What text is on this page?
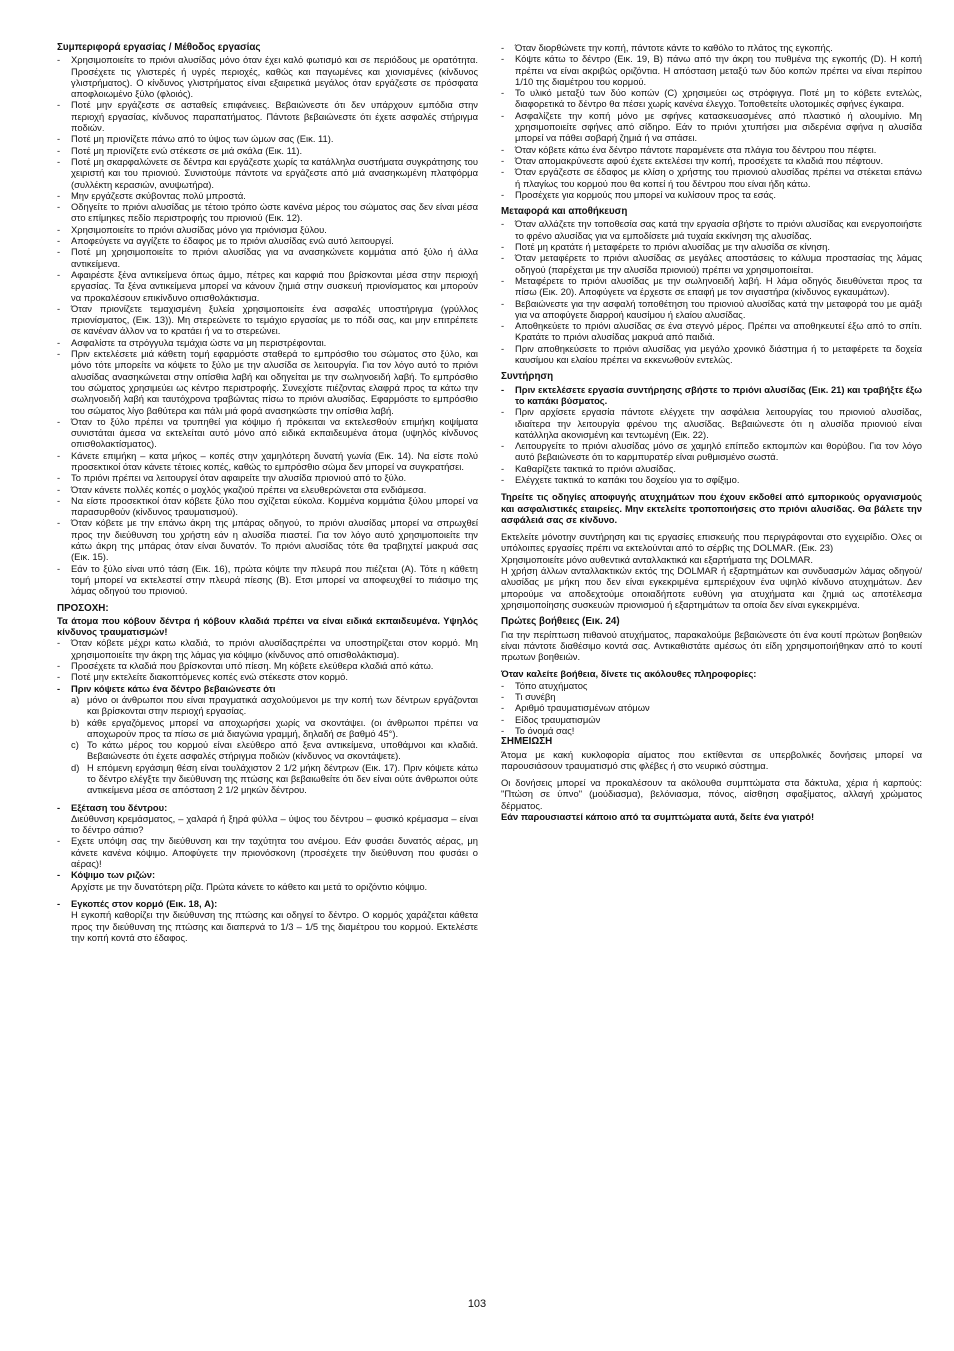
Συμπεριφορά εργασίας / Μέθοδος εργασίας
- Χρησιμοποιείτε το πριόνι αλυσίδας μόνο όταν έχει καλό φωτισμό και σε περιόδους με ορατότητα. Προσέχετε τις γλιστερές ή υγρές περιοχές, καθώς και παγωμένες και χιονισμένες (κίνδυνος γλιστρήματος). Ο κίνδυνος γλιστρήματος είναι εξαιρετικά μεγάλος όταν εργάζεστε σε πρόσφατα αποφλοιωμένο ξύλο (φλοιός).
- Ποτέ μην εργάζεστε σε ασταθείς επιφάνειες. Βεβαιώνεστε ότι δεν υπάρχουν εμπόδια στην περιοχή εργασίας, κίνδυνος παραπατήματος. Πάντοτε βεβαιώνεστε ότι έχετε ασφαλές στήριγμα ποδιών.
- Ποτέ μη πριονίζετε πάνω από το ύψος των ώμων σας (Εικ. 11).
- Ποτέ μη πριονίζετε ενώ στέκεστε σε μιά σκάλα (Εικ. 11).
- Ποτέ μη σκαρφαλώνετε σε δέντρα και εργάζεστε χωρίς τα κατάλληλα συστήματα συγκράτησης του χειριστή και του πριονιού. Συνιστούμε πάντοτε να εργάζεστε από μιά ανασηκωμένη πλατφόρμα (συλλέκτη κερασιών, ανυψωτήρα).
- Μην εργάζεστε σκύβοντας πολύ μπροστά.
- Οδηγείτε το πριόνι αλυσίδας με τέτοιο τρόπο ώστε κανένα μέρος του σώματος σας δεν είναι μέσα στο επίμηκες πεδίο περιστροφής του πριονιού (Εικ. 12).
- Χρησιμοποιείτε το πριόνι αλυσίδας μόνο για πριόνισμα ξύλου.
- Αποφεύγετε να αγγίζετε το έδαφος με το πριόνι αλυσίδας ενώ αυτό λειτουργεί.
- Ποτέ μη χρησιμοποιείτε το πριόνι αλυσίδας για να ανασηκώνετε κομμάτια από ξύλο ή άλλα αντικείμενα.
- Αφαιρέστε ξένα αντικείμενα όπως άμμο, πέτρες και καρφιά που βρίσκονται μέσα στην περιοχή εργασίας. Τα ξένα αντικείμενα μπορεί να κάνουν ζημιά στην συσκευή πριονίσματος και μπορούν να προκαλέσουν επικίνδυνο οπισθολάκτισμα.
- Όταν πριονίζετε τεμαχισμένη ξυλεία χρησιμοποιείτε ένα ασφαλές υποστήριγμα (γρύλλος πριονίσματος, (Εικ. 13)). Μη στερεώνετε το τεμάχιο εργασίας με το πόδι σας, και μην επιτρέπετε σε κανέναν άλλον να το κρατάει ή να το στερεώνει.
- Ασφαλίστε τα στρόγγυλα τεμάχια ώστε να μη περιστρέφονται.
- Πριν εκτελέσετε μιά κάθετη τομή εφαρμόστε σταθερά το εμπρόσθιο του σώματος στο ξύλο, και μόνο τότε μπορείτε να κόψετε το ξύλο με την αλυσίδα σε λειτουργία. Για τον λόγο αυτό το πριόνι αλυσίδας ανασηκώνεται στην οπίσθια λαβή και οδηγείται με την σωληνοειδή λαβή. Το εμπρόσθιο του σώματος χρησιμεύει ως κέντρο περιστροφής. Συνεχίστε πιέζοντας ελαφρά προς τα κάτω την σωληνοειδή λαβή και ταυτόχρονα τραβώντας πίσω το πριόνι αλυσίδας. Εφαρμόστε το εμπρόσθιο του σώματος λίγο βαθύτερα και πάλι μιά φορά ανασηκώστε την οπίσθια λαβή.
- Όταν το ξύλο πρέπει να τρυπηθεί για κόψιμο ή πρόκειται να εκτελεσθούν επιμήκη κοψίματα συνιστάται άμεσα να εκτελείται αυτό μόνο από ειδικά εκπαιδευμένα άτομα (υψηλός κίνδυνος οπισθολακτίσματος).
- Κάνετε επιμήκη – κατα μήκος – κοπές στην χαμηλότερη δυνατή γωνία (Εικ. 14). Να είστε πολύ προσεκτικοί όταν κάνετε τέτοιες κοπές, καθώς το εμπρόσθιο σώμα δεν μπορεί να συγκρατήσει.
- Το πριόνι πρέπει να λειτουργεί όταν αφαιρείτε την αλυσίδα πριονιού από το ξύλο.
- Όταν κάνετε πολλές κοπές ο μοχλός γκαζιού πρέπει να ελευθερώνεται στα ενδιάμεσα.
- Να είστε προσεκτικοί όταν κόβετε ξύλο που σχίζεται εύκολα. Κομμένα κομμάτια ξύλου μπορεί να παρασυρθούν (κίνδυνος τραυματισμού).
- Όταν κόβετε με την επάνω άκρη της μπάρας οδηγού, το πριόνι αλυσίδας μπορεί να σπρωχθεί προς την διεύθυνση του χρήστη εάν η αλυσίδα πιαστεί. Για τον λόγο αυτό χρησιμοποιείτε την κάτω άκρη της μπάρας όταν είναι δυνατόν. Το πριόνι αλυσίδας τότε θα τραβηχτεί μακρυά σας (Εικ. 15).
- Εάν το ξύλο είναι υπό τάση (Εικ. 16), πρώτα κόψτε την πλευρά που πιέζεται (A). Τότε η κάθετη τομή μπορεί να εκτελεστεί στην πλευρά πίεσης (B). Ετσι μπορεί να αποφευχθεί το πιάσιμο της λάμας οδηγού του πριονιού.
ΠΡΟΣΟΧΗ:

Τα άτομα που κόβουν δέντρα ή κόβουν κλαδιά πρέπει να είναι ειδικά εκπαιδευμένα. Υψηλός κίνδυνος τραυματισμών!

- Όταν κόβετε μέχρι κατω κλαδιά, το πριόνι αλυσίδαςπρέπει να υποστηρίζεται στον κορμό. Μη χρησιμοποιείτε την άκρη της λάμας για κόψιμο (κίνδυνος από οπισθολάκτισμα).
- Προσέχετε τα κλαδιά που βρίσκονται υπό πίεση. Μη κόβετε ελεύθερα κλαδιά από κάτω.
- Ποτέ μην εκτελείτε διακοπτόμενες κοπές ενώ στέκεστε στον κορμό.
- Πριν κόψετε κάτω ένα δέντρο βεβαιώνεστε ότι
a) μόνο οι άνθρωποι που είναι πραγματικά ασχολούμενοι με την κοπή των δέντρων εργάζονται και βρίσκονται στην περιοχή εργασίας.
b) κάθε εργαζόμενος μπορεί να αποχωρήσει χωρίς να σκοντάψει. (οι άνθρωποι πρέπει να αποχωρούν προς τα πίσω σε μιά διαγώνια γραμμή, δηλαδή σε βαθμό 45°).
c) Το κάτω μέρος του κορμού είναι ελεύθερο από ξενα αντικείμενα, υποθάμνοι και κλαδιά. Βεβαιώνεστε ότι έχετε ασφαλές στήριγμα ποδιών (κίνδυνος να σκοντάψετε).
d) Η επόμενη εργάσιμη θέση είναι τουλάχιστον 2 1/2 μήκη δέντρων (Εικ. 17). Πριν κόψετε κάτω το δέντρο ελέγξτε την διεύθυνση της πτώσης και βεβαιωθείτε ότι δεν είναι ούτε άνθρωποι ούτε αντικείμενα μέσα σε απόσταση 2 1/2 μηκών δέντρου.
- Εξέταση του δέντρου:

Διεύθυνση κρεμάσματος, – χαλαρά ή ξηρά φύλλα – ύψος του δέντρου – φυσικό κρέμασμα – είναι το δέντρο σάπιο?

- Εχετε υπόψη σας την διεύθυνση και την ταχύτητα του ανέμου. Εάν φυσάει δυνατός αέρας, μη κάνετε κανένα κόψιμο. Αποφύγετε την πριονόσκονη (προσέχετε την διεύθυνση που φυσάει ο αέρας)!
- Κόψιμο των ριζών:

Αρχίστε με την δυνατότερη ρίζα. Πρώτα κάνετε το κάθετο και μετά το οριζόντιο κόψιμο.

- Εγκοπές στον κορμό (Εικ. 18, A):

Η εγκοπή καθορίζει την διεύθυνση της πτώσης και οδηγεί το δέντρο. Ο κορμός χαράζεται κάθετα προς την διεύθυνση της πτώσης και διαπερνά το 1/3 – 1/5 της διαμέτρου του κορμού. Εκτελέστε την κοπή κοντά στο έδαφος.

- Όταν διορθώνετε την κοπή, πάντοτε κάντε το καθόλο το πλάτος της εγκοπής.
- Κόψτε κάτω το δέντρο (Εικ. 19, B) πάνω από την άκρη του πυθμένα της εγκοπής (D). Η κοπή πρέπει να είναι ακριβώς οριζόντια. Η απόσταση μεταξύ των δύο κοπών πρέπει να είναι περίπου 1/10 της διαμέτρου του κορμού.
- Το υλικό μεταξύ των δύο κοπών (C) χρησιμεύει ως στρόφιγγα. Ποτέ μη το κόβετε εντελώς, διαφορετικά το δέντρο θα πέσει χωρίς κανένα έλεγχο. Τοποθετείτε υλοτομικές σφήνες έγκαιρα.
- Ασφαλίζετε την κοπή μόνο με σφήνες κατασκευασμένες από πλαστικό ή αλουμίνιο. Μη χρησιμοποιείτε σφήνες από σίδηρο. Εάν το πριόνι χτυπήσει μια σιδερένια σφήνα η αλυσίδα μπορεί να πάθει σοβαρή ζημιά ή να σπάσει.
- Όταν κόβετε κάτω ένα δέντρο πάντοτε παραμένετε στα πλάγια του δέντρου που πέφτει.
- Όταν απομακρύνεστε αφού έχετε εκτελέσει την κοπή, προσέχετε τα κλαδιά που πέφτουν.
- Όταν εργάζεστε σε έδαφος με κλίση ο χρήστης του πριονιού αλυσίδας πρέπει να στέκεται επάνω ή πλαγίως του κορμού που θα κοπεί ή του δέντρου που είναι ήδη κάτω.
- Προσέχετε για κορμούς που μπορεί να κυλίσουν προς τα εσάς.
Μεταφορά και αποθήκευση
- Όταν αλλάζετε την τοποθεσία σας κατά την εργασία σβήστε το πριόνι αλυσίδας και ενεργοποιήστε το φρένο αλυσίδας για να εμποδίσετε μιά τυχαία εκκίνηση της αλυσίδας.
- Ποτέ μη κρατάτε ή μεταφέρετε το πριόνι αλυσίδας με την αλυσίδα σε κίνηση.
- Όταν μεταφέρετε το πριόνι αλυσίδας σε μεγάλες αποστάσεις το κάλυμα προστασίας της λάμας οδηγού (παρέχεται με την αλυσίδα πριονιού) πρέπει να χρησιμοποιείται.
- Μεταφέρετε το πριόνι αλυσίδας με την σωληνοειδή λαβή. Η λάμα οδηγός διευθύνεται προς τα πίσω (Εικ. 20). Αποφύγετε να έρχεστε σε επαφή με τον σιγαστήρα (κίνδυνος εγκαυμάτων).
- Βεβαιώνεστε για την ασφαλή τοποθέτηση του πριονιού αλυσίδας κατά την μεταφορά του με αμάξι για να αποφύγετε διαρροή καυσίμου ή ελαίου αλυσίδας.
- Αποθηκεύετε το πριόνι αλυσίδας σε ένα στεγνό μέρος. Πρέπει να αποθηκευτεί έξω από το σπίτι. Κρατάτε το πριόνι αλυσίδας μακρυά από παιδιά.
- Πριν αποθηκεύσετε το πριόνι αλυσίδας για μεγάλο χρονικό διάστημα ή το μεταφέρετε τα δοχεία καυσίμου και ελαίου πρέπει να εκκενωθούν εντελώς.
Συντήρηση
- Πριν εκτελέσετε εργασία συντήρησης σβήστε το πριόνι αλυσίδας (Εικ. 21) και τραβήξτε έξω το καπάκι βύσματος.
- Πριν αρχίσετε εργασία πάντοτε ελέγχετε την ασφάλεια λειτουργίας του πριονιού αλυσίδας, ιδιαίτερα την λειτουργία φρένου της αλυσίδας. Βεβαιώνεστε ότι η αλυσίδα πριονιού είναι κατάλληλα ακονισμένη και τεντωμένη (Εικ. 22).
- Λειτουργείτε το πριόνι αλυσίδας μόνο σε χαμηλό επίπεδο εκπομπών και θορύβου. Για τον λόγο αυτό βεβαιώνεστε ότι το καρμπυρατέρ είναι ρυθμισμένο σωστά.
- Καθαρίζετε τακτικά το πριόνι αλυσίδας.
- Ελέγχετε τακτικά το καπάκι του δοχείου για το σφίξιμο.

Τηρείτε τις οδηγίες αποφυγής ατυχημάτων που έχουν εκδοθεί από εμπορικούς οργανισμούς και ασφαλιστικές εταιρείες. Μην εκτελείτε τροποποιήσεις στο πριόνι αλυσίδας. Θα βάλετε την ασφάλειά σας σε κίνδυνο.

Εκτελείτε μόνοτην συντήρηση και τις εργασίες επισκευής που περιγράφονται στο εγχειρίδιο. Ολες οι υπόλοιπες εργασίες πρέπι να εκτελούνται από το σέρβις της DOLMAR. (Εικ. 23)

Χρησιμοποιείτε μόνο αυθεντικά ανταλλακτικά και εξαρτήματα της DOLMAR.

Η χρήση άλλων ανταλλακτικών εκτός της DOLMAR ή εξαρτημάτων και συνδυασμών λάμας οδηγού/αλυσίδας με μήκη που δεν είναι εγκεκριμένα εμπεριέχουν ένα υψηλό κίνδυνο ατυχημάτων. Δεν μπορούμε να αποδεχτούμε οποιαδήποτε ευθύνη για ατυχήματα και ζημιά ως αποτέλεσμα χρησιμοποίησης συσκευών πριονισμού ή εξαρτημάτων τα οποία δεν είναι εγκεκριμένα.

Πρώτες βοήθειες (Εικ. 24)

Για την περίπτωση πιθανού ατυχήματος, παρακαλούμε βεβαιώνεστε ότι ένα κουτί πρώτων βοηθειών είναι πάντοτε διαθέσιμο κοντά σας. Αντικαθιστάτε αμέσως ότι είδη χρησιμοποιήθηκαν από το κουτί πρωτων βοηθειών.

Όταν καλείτε βοήθεια, δίνετε τις ακόλουθες πληροφορίες:

- Τόπο ατυχήματος
- Τι συνέβη
- Αριθμό τραυματισμένων ατόμων
- Είδος τραυματισμών
- Το όνομά σας!
ΣΗΜΕΙΩΣΗ

Άτομα με κακή κυκλοφορία αίματος που εκτίθενται σε υπερβολικές δονήσεις μπορεί να παρουσιάσουν τραυματισμό στις φλέβες ή στο νευρικό σύστημα.

Οι δονήσεις μπορεί να προκαλέσουν τα ακόλουθα συμπτώματα στα δάκτυλα, χέρια ή καρπούς: "Πτώση σε ύπνο" (μούδιασμα), βελόνιασμα, πόνος, αίσθηση σφαξίματος, αλλαγή χρώματος δέρματος.

Εάν παρουσιαστεί κάποιο από τα συμπτώματα αυτά, δείτε ένα γιατρό!

103
